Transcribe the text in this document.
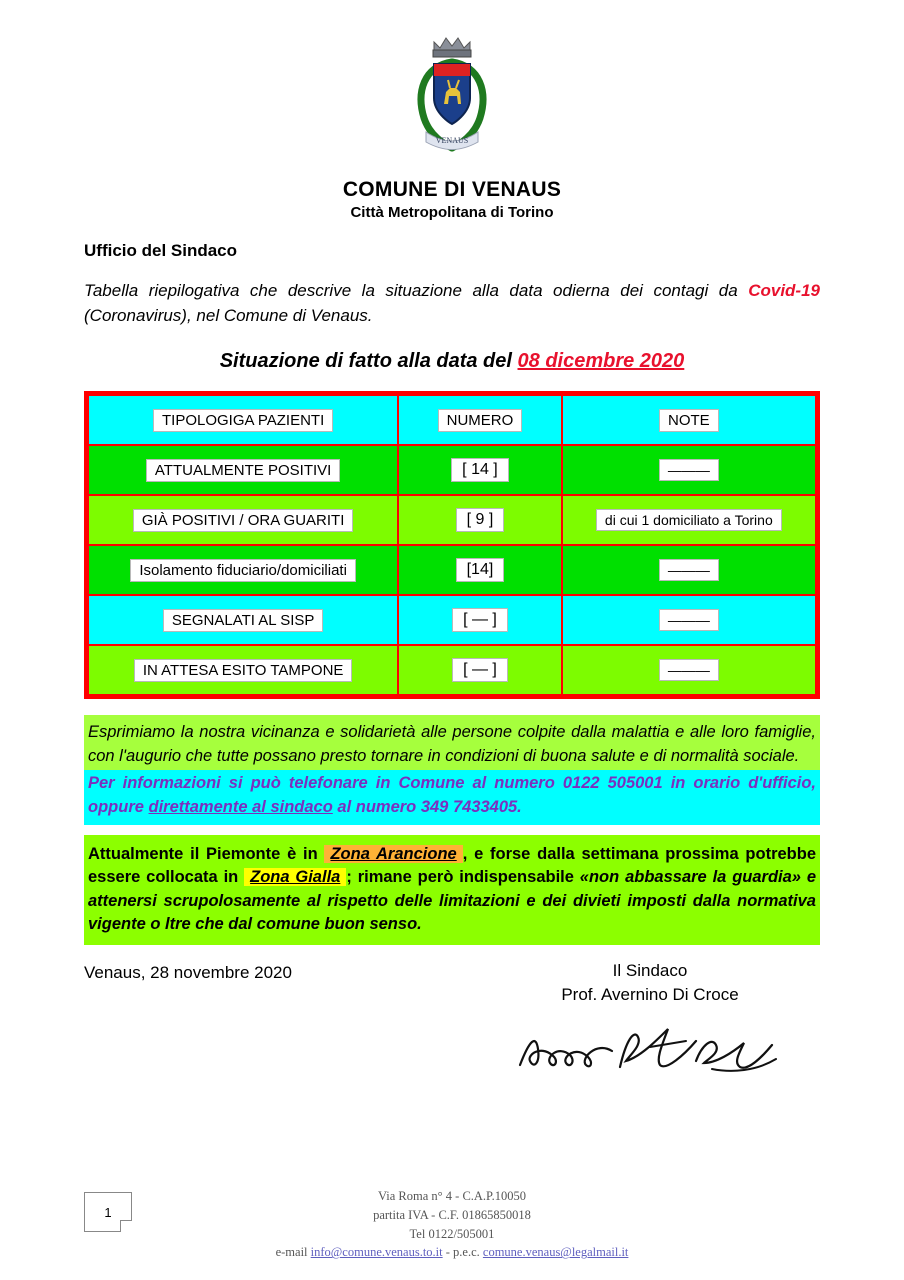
VENAUS
COMUNE DI VENAUS
Città Metropolitana di Torino
Ufficio del Sindaco
Tabella riepilogativa che descrive la situazione alla data odierna dei contagi da Covid-19 (Coronavirus), nel Comune di Venaus.
Situazione di fatto alla data del 08 dicembre 2020
TIPOLOGIGA PAZIENTI	NUMERO	NOTE
ATTUALMENTE POSITIVI	[ 14 ]	———
GIÀ POSITIVI / ORA GUARITI	[ 9 ]	di cui 1 domiciliato a Torino
Isolamento fiduciario/domiciliati	[14]	———
SEGNALATI AL SISP	[ — ]	———
IN ATTESA ESITO TAMPONE	[ — ]	———
Esprimiamo la nostra vicinanza e solidarietà alle persone colpite dalla malattia e alle loro famiglie, con l'augurio che tutte possano presto tornare in condizioni di buona salute e di normalità sociale.
Per informazioni si può telefonare in Comune al numero 0122 505001 in orario d'ufficio, oppure direttamente al sindaco al numero 349 7433405.
Attualmente il Piemonte è in Zona Arancione , e forse dalla settimana prossima potrebbe essere collocata in Zona Gialla ; rimane però indispensabile «non abbassare la guardia» e attenersi scrupolosamente al rispetto delle limitazioni e dei divieti imposti dalla normativa vigente o ltre che dal comune buon senso.
Venaus, 28 novembre 2020	Il Sindaco
Prof. Avernino Di Croce
1
Via Roma n° 4 - C.A.P.10050
partita IVA - C.F. 01865850018
Tel 0122/505001
e-mail info@comune.venaus.to.it - p.e.c. comune.venaus@legalmail.it
